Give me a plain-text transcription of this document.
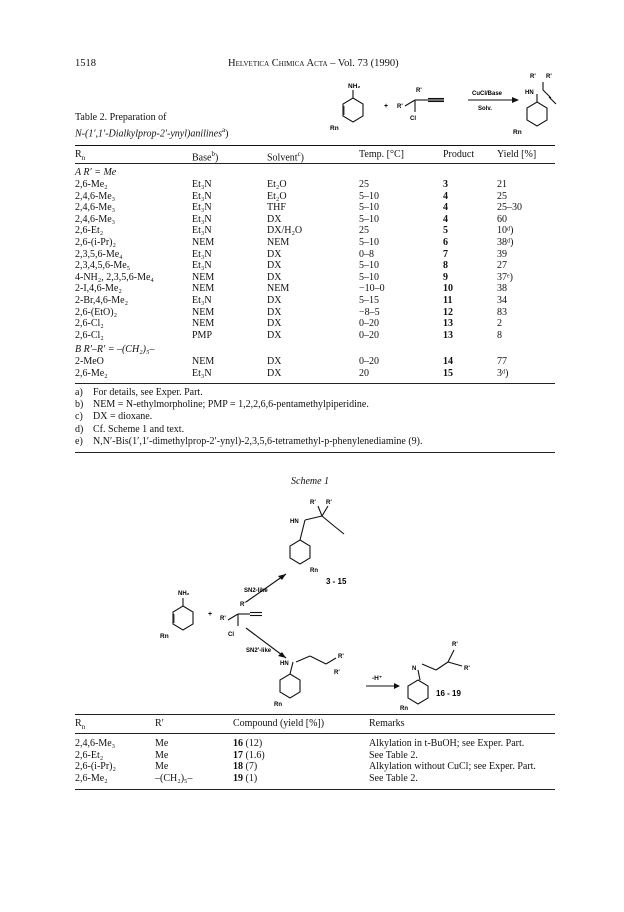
1518	Helvetica Chimica Acta – Vol. 73 (1990)
Table 2. Preparation of
N-(1′,1′-Dialkylprop-2′-ynyl)anilines$^a$)
NH₂
Rn
+ R'
R'
Cl
CuCl/Base
Solv.
HN
R' R'
Rn
$R_n$	Base$^b$)	Solvent$^c$)	Temp. [°C]	Product	Yield [%]
A R′ = Me
2,6-Me₂	Et₃N	Et₂O	25	3	21
2,4,6-Me₃	Et₃N	Et₂O	5–10	4	25
2,4,6-Me₃	Et₃N	THF	5–10	4	25–30
2,4,6-Me₃	Et₃N	DX	5–10	4	60
2,6-Et₂	Et₃N	DX/H₂O	25	5	10ᵈ)
2,6-(i-Pr)₂	NEM	NEM	5–10	6	38ᵈ)
2,3,5,6-Me₄	Et₃N	DX	0–8	7	39
2,3,4,5,6-Me₅	Et₃N	DX	5–10	8	27
4-NH₂, 2,3,5,6-Me₄	NEM	DX	5–10	9	37ᵉ)
2-I,4,6-Me₂	NEM	NEM	−10–0	10	38
2-Br,4,6-Me₂	Et₃N	DX	5–15	11	34
2,6-(EtO)₂	NEM	DX	−8–5	12	83
2,6-Cl₂	NEM	DX	0–20	13	2
2,6-Cl₂	PMP	DX	0–20	13	8
B R′–R′ = –(CH₂)₅–
2-MeO	NEM	DX	0–20	14	77
2,6-Me₂	Et₃N	DX	20	15	3ᵈ)
a)	For details, see Exper. Part.
b) NEM = N-ethylmorpholine; PMP = 1,2,2,6,6-pentamethylpiperidine.
c)	DX = dioxane.
d) Cf. Scheme 1 and text.
e)	N,N′-Bis(1′,1′-dimethylprop-2′-ynyl)-2,3,5,6-tetramethyl-p-phenylenediamine (9).
Scheme 1
R' R'
HN
Rn
3 - 15
SN2-like
NH₂
Rn
+
R'
R'
Cl
SN2′-like
HN
R'
R'
Rn
-H⁺
N
R'
R'
Rn
16 - 19
$R_n$	R′	Compound (yield [%])	Remarks
2,4,6-Me₃	Me	16 (12)	Alkylation in t-BuOH; see Exper. Part.
2,6-Et₂	Me	17 (1.6)	See Table 2.
2,6-(i-Pr)₂	Me	18 (7)	Alkylation without CuCl; see Exper. Part.
2,6-Me₂	–(CH₂)₅–	19 (1)	See Table 2.
